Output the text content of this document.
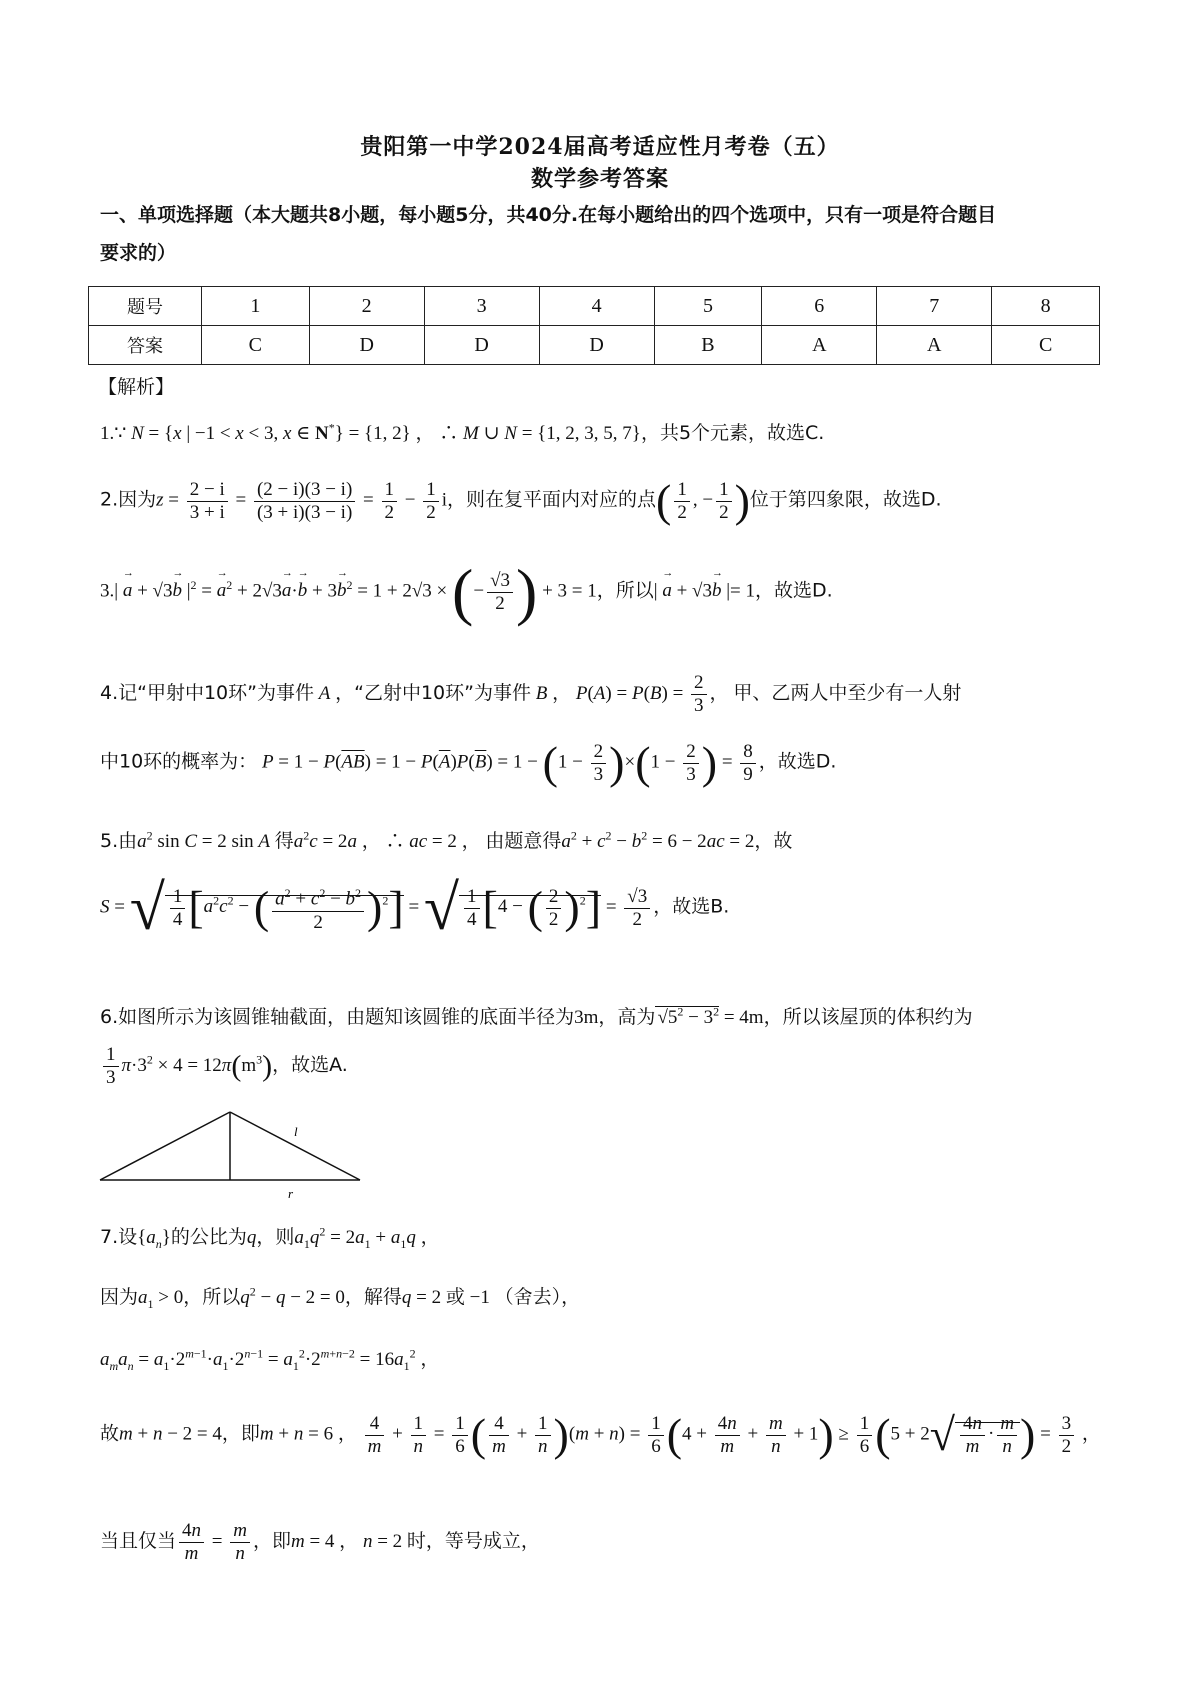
贵阳第一中学2024届高考适应性月考卷（五）
数学参考答案
一、单项选择题（本大题共8小题，每小题5分，共40分.在每小题给出的四个选项中，只有一项是符合题目
要求的）
题号	1	2	3	4	5	6	7	8
答案	C	D	D	D	B	A	A	C
【解析】
1.∵ N = {x | −1 < x < 3, x ∈ N*} = {1, 2} ， ∴ M ∪ N = {1, 2, 3, 5, 7}，共5个元素，故选C.
2.因为$z = \frac{2 - i}{3 + i} = \frac{(2 - i)(3 - i)}{(3 + i)(3 - i)} = \frac{1}{2} - \frac{1}{2}$ i，则在复平面内对应的点( $\frac{1}{2}$ , − $\frac{1}{2}$ )位于第四象限，故选D.
3.| → a + √3→ b $|^2$ = → $a^2 + 2√3\to a\cdot\to b + 3\to b^2 = 1 + 2√3$ × (− $\frac{√3}{2}$ ) + 3 = 1，所以| → a + √3→ b |= 1，故选D.
4.记“甲射中10环”为事件 A ，“乙射中10环”为事件 B ， $P(A) = P(B) = \frac{2}{3}$ ， 甲、乙两人中至少有一人射
中10环的概率为： $P = 1 - P(\overline{A}\overline{B}) = 1 - P(\overline{A})P(\overline{B}) = 1 - (1 - \frac{2}{3} )\times(1 - \frac{2}{3}$ ) = $\frac{8}{9}$ ，故选D.
5.由$a^2$ sin C = 2 sin A 得$a^2c = 2a$ ， ∴ ac = 2 ， 由题意得$a^2 + c^2 - b^2 = 6 - 2ac = 2$，故
S = √ $\frac{1}{4} [a^2c^2$ − ( $\frac{a^2 + c^2 - b^2}{2} )^2$] = √ $\frac{1}{4} [4$ − ( $\frac{2}{2} )^2] = \frac{√3}{2}$ ，故选B.
6.如图所示为该圆锥轴截面，由题知该圆锥的底面半径为3m，高为 $√5^2 - 3^2 = 4m$，所以该屋顶的体积约为
$\frac{1}{3} \pi\cdot 3^2 \times 4 = 12\pi(m^3)$，故选A.
l
r
7.设$\{a_n\}$的公比为q，则$a_1q^2 = 2a_1 + a_1q$ ，
因为$a_1 > 0$，所以$q^2 - q - 2 = 0$，解得q = 2 或 −1 （舍去），
$a_ma_n = a_1\cdot 2^{m-1}\cdot a_1\cdot 2^{n-1} = a_1^2\cdot 2^{m+n-2} = 16a_1^2$ ，
故m + n − 2 = 4，即m + n = 6 ， $\frac{4}{m} + \frac{1}{n} = \frac{1}{6}$ ( $\frac{4}{m} + \frac{1}{n} )(m + n) = \frac{1}{6} (4 + \frac{4n}{m} + \frac{m}{n} + 1) \ge \frac{1}{6} (5 + 2√ \frac{4n}{m} \cdot \frac{m}{n}$ ) = $\frac{3}{2}$ ，
当且仅当 $\frac{4n}{m} = \frac{m}{n}$ ，即m = 4 ， n = 2 时，等号成立，
